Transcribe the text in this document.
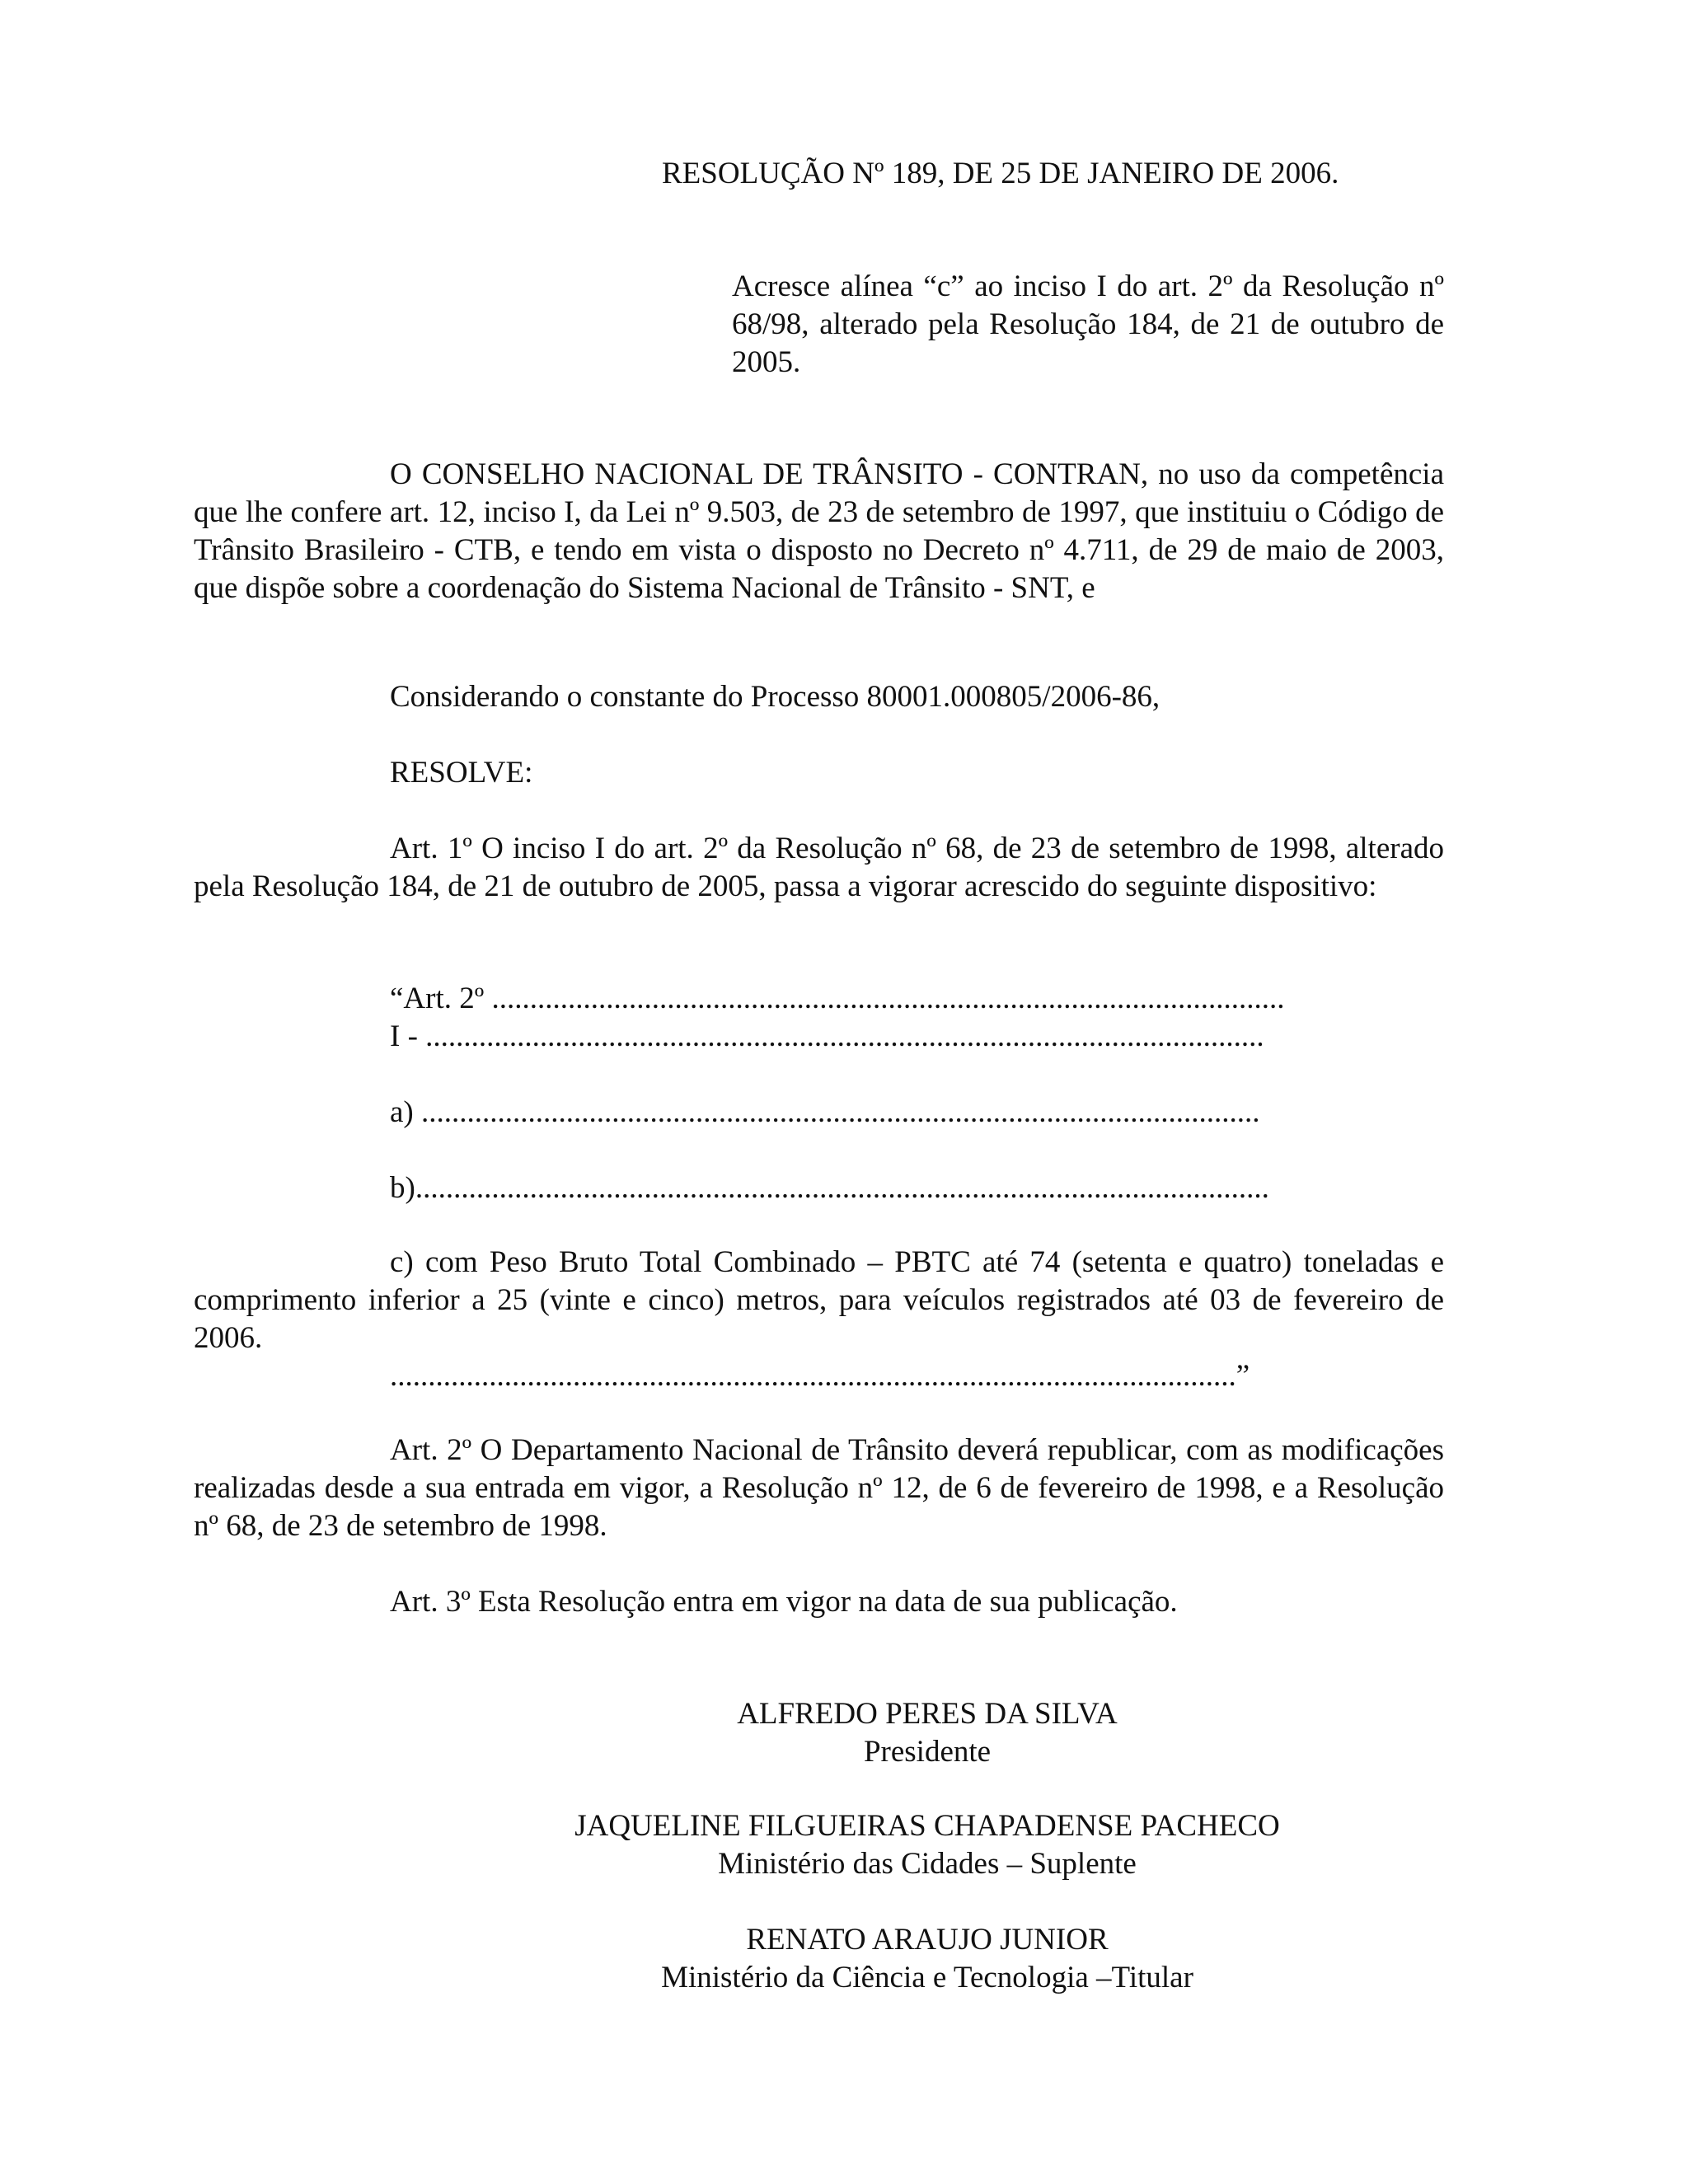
RESOLUÇÃO Nº 189, DE 25 DE JANEIRO DE 2006.

Acresce alínea “c” ao inciso I do art. 2º da Resolução nº 68/98, alterado pela Resolução 184, de 21 de outubro de 2005.

O CONSELHO NACIONAL DE TRÂNSITO - CONTRAN, no uso da competência que lhe confere art. 12, inciso I, da Lei nº 9.503, de 23 de setembro de 1997, que instituiu o Código de Trânsito Brasileiro - CTB, e tendo em vista o disposto no Decreto nº 4.711, de 29 de maio de 2003, que dispõe sobre a coordenação do Sistema Nacional de Trânsito - SNT, e

Considerando o constante do Processo 80001.000805/2006-86,

RESOLVE:

Art. 1º O inciso I do art. 2º da Resolução nº 68, de 23 de setembro de 1998, alterado pela Resolução 184, de 21 de outubro de 2005, passa a vigorar acrescido do seguinte dispositivo:

“Art. 2º ........................................................................................................

I - ..............................................................................................................

a) ..............................................................................................................

b)................................................................................................................

c) com Peso Bruto Total Combinado – PBTC até 74 (setenta e quatro) toneladas e comprimento inferior a 25 (vinte e cinco) metros, para veículos registrados até 03 de fevereiro de 2006.

...............................................................................................................”

Art. 2º O Departamento Nacional de Trânsito deverá republicar, com as modificações realizadas desde a sua entrada em vigor, a Resolução nº 12, de 6 de fevereiro de 1998, e a Resolução nº 68, de 23 de setembro de 1998.

Art. 3º Esta Resolução entra em vigor na data de sua publicação.

ALFREDO PERES DA SILVA
Presidente
JAQUELINE FILGUEIRAS CHAPADENSE PACHECO
Ministério das Cidades – Suplente
RENATO ARAUJO JUNIOR
Ministério da Ciência e Tecnologia –Titular
